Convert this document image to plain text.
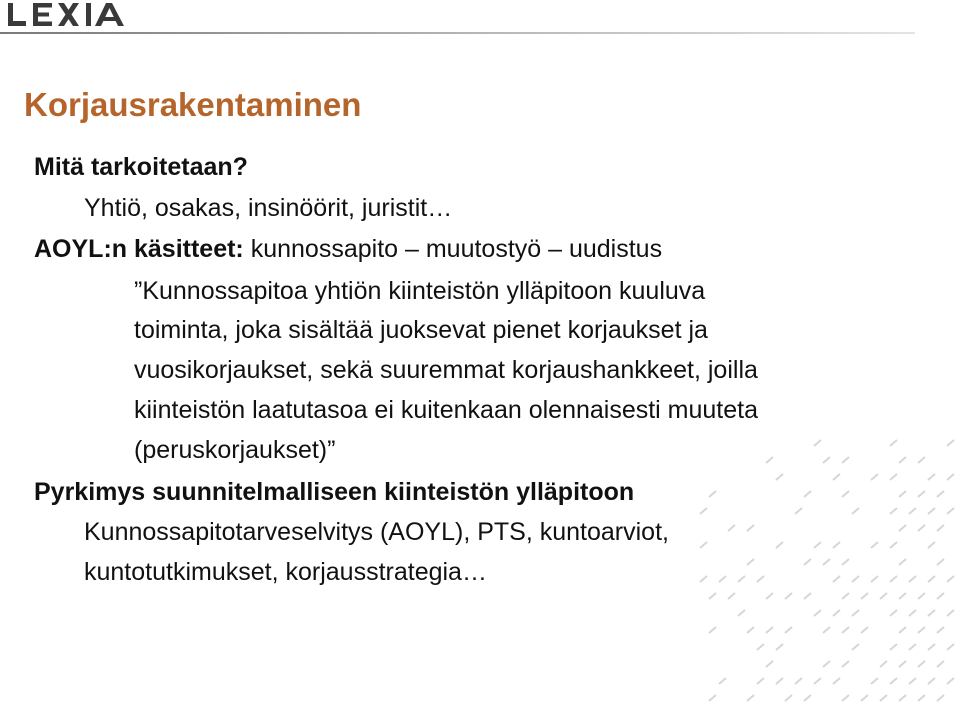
Korjausrakentaminen
Mitä tarkoitetaan?
Yhtiö, osakas, insinöörit, juristit…
AOYL:n käsitteet: kunnossapito – muutostyö – uudistus
”Kunnossapitoa yhtiön kiinteistön ylläpitoon kuuluva
toiminta, joka sisältää juoksevat pienet korjaukset ja
vuosikorjaukset, sekä suuremmat korjaushankkeet, joilla
kiinteistön laatutasoa ei kuitenkaan olennaisesti muuteta
(peruskorjaukset)”
Pyrkimys suunnitelmalliseen kiinteistön ylläpitoon
Kunnossapitotarveselvitys (AOYL), PTS, kuntoarviot,
kuntotutkimukset, korjausstrategia…
